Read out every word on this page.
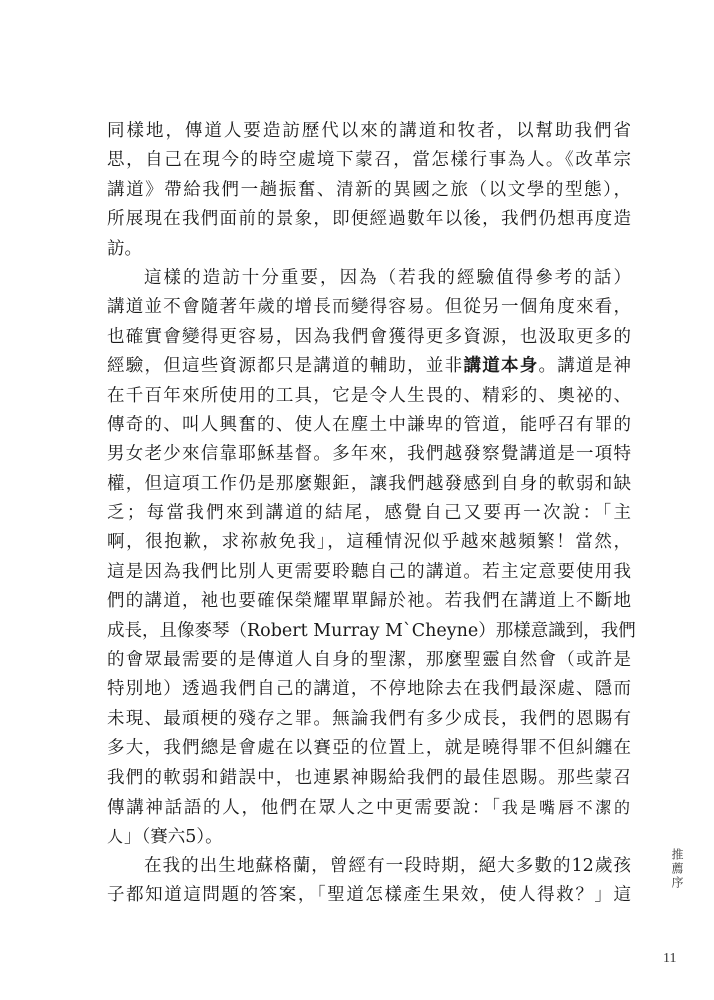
同樣地，傳道人要造訪歷代以來的講道和牧者，以幫助我們省
思，自己在現今的時空處境下蒙召，當怎樣行事為人。《改革宗
講道》帶給我們一趟振奮、清新的異國之旅（以文學的型態），
所展現在我們面前的景象，即便經過數年以後，我們仍想再度造
訪。
這樣的造訪十分重要，因為（若我的經驗值得參考的話）
講道並不會隨著年歲的增長而變得容易。但從另一個角度來看，
也確實會變得更容易，因為我們會獲得更多資源，也汲取更多的
經驗，但這些資源都只是講道的輔助，並非講道本身。講道是神
在千百年來所使用的工具，它是令人生畏的、精彩的、奧祕的、
傳奇的、叫人興奮的、使人在塵土中謙卑的管道，能呼召有罪的
男女老少來信靠耶穌基督。多年來，我們越發察覺講道是一項特
權，但這項工作仍是那麼艱鉅，讓我們越發感到自身的軟弱和缺
乏；每當我們來到講道的結尾，感覺自己又要再一次說：「主
啊，很抱歉，求祢赦免我」，這種情況似乎越來越頻繁！當然，
這是因為我們比別人更需要聆聽自己的講道。若主定意要使用我
們的講道，祂也要確保榮耀單單歸於祂。若我們在講道上不斷地
成長，且像麥琴（Robert Murray M`Cheyne）那樣意識到，我們
的會眾最需要的是傳道人自身的聖潔，那麼聖靈自然會（或許是
特別地）透過我們自己的講道，不停地除去在我們最深處、隱而
未現、最頑梗的殘存之罪。無論我們有多少成長，我們的恩賜有
多大，我們總是會處在以賽亞的位置上，就是曉得罪不但糾纏在
我們的軟弱和錯誤中，也連累神賜給我們的最佳恩賜。那些蒙召
傳講神話語的人，他們在眾人之中更需要說：「我是嘴唇不潔的
人」（賽六5）。
在我的出生地蘇格蘭，曾經有一段時期，絕大多數的12歲孩
子都知道這問題的答案，「聖道怎樣產生果效，使人得救？」這
推薦序
11
